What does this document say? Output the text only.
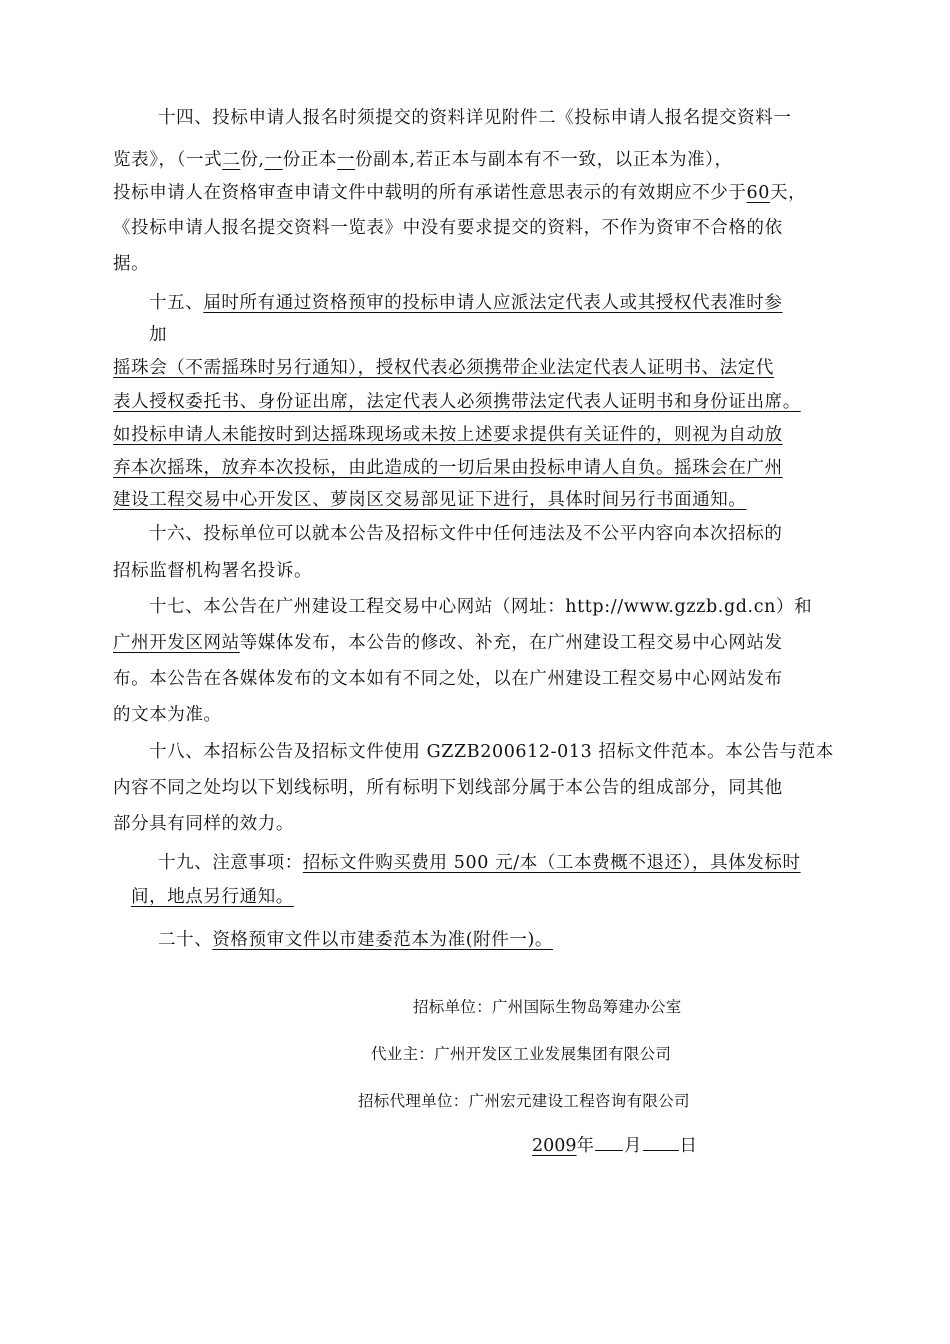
十四、投标申请人报名时须提交的资料详见附件二《投标申请人报名提交资料一
览表》，（一式二份,一份正本一份副本,若正本与副本有不一致，以正本为准），
投标申请人在资格审查申请文件中载明的所有承诺性意思表示的有效期应不少于60天，
《投标申请人报名提交资料一览表》中没有要求提交的资料，不作为资审不合格的依
据。
十五、届时所有通过资格预审的投标申请人应派法定代表人或其授权代表准时参
加
摇珠会（不需摇珠时另行通知），授权代表必须携带企业法定代表人证明书、法定代
表人授权委托书、身份证出席，法定代表人必须携带法定代表人证明书和身份证出席。
如投标申请人未能按时到达摇珠现场或未按上述要求提供有关证件的，则视为自动放
弃本次摇珠，放弃本次投标，由此造成的一切后果由投标申请人自负。摇珠会在广州
建设工程交易中心开发区、萝岗区交易部见证下进行，具体时间另行书面通知。
十六、投标单位可以就本公告及招标文件中任何违法及不公平内容向本次招标的
招标监督机构署名投诉。
十七、本公告在广州建设工程交易中心网站（网址：http://www.gzzb.gd.cn）和
广州开发区网站等媒体发布，本公告的修改、补充，在广州建设工程交易中心网站发
布。本公告在各媒体发布的文本如有不同之处，以在广州建设工程交易中心网站发布
的文本为准。
十八、本招标公告及招标文件使用 GZZB200612-013 招标文件范本。本公告与范本
内容不同之处均以下划线标明，所有标明下划线部分属于本公告的组成部分，同其他
部分具有同样的效力。
十九、注意事项：招标文件购买费用 500 元/本（工本费概不退还），具体发标时
间，地点另行通知。
二十、资格预审文件以市建委范本为准(附件一)。
招标单位：广州国际生物岛筹建办公室
代业主：广州开发区工业发展集团有限公司
招标代理单位：广州宏元建设工程咨询有限公司
2009年 月 日
